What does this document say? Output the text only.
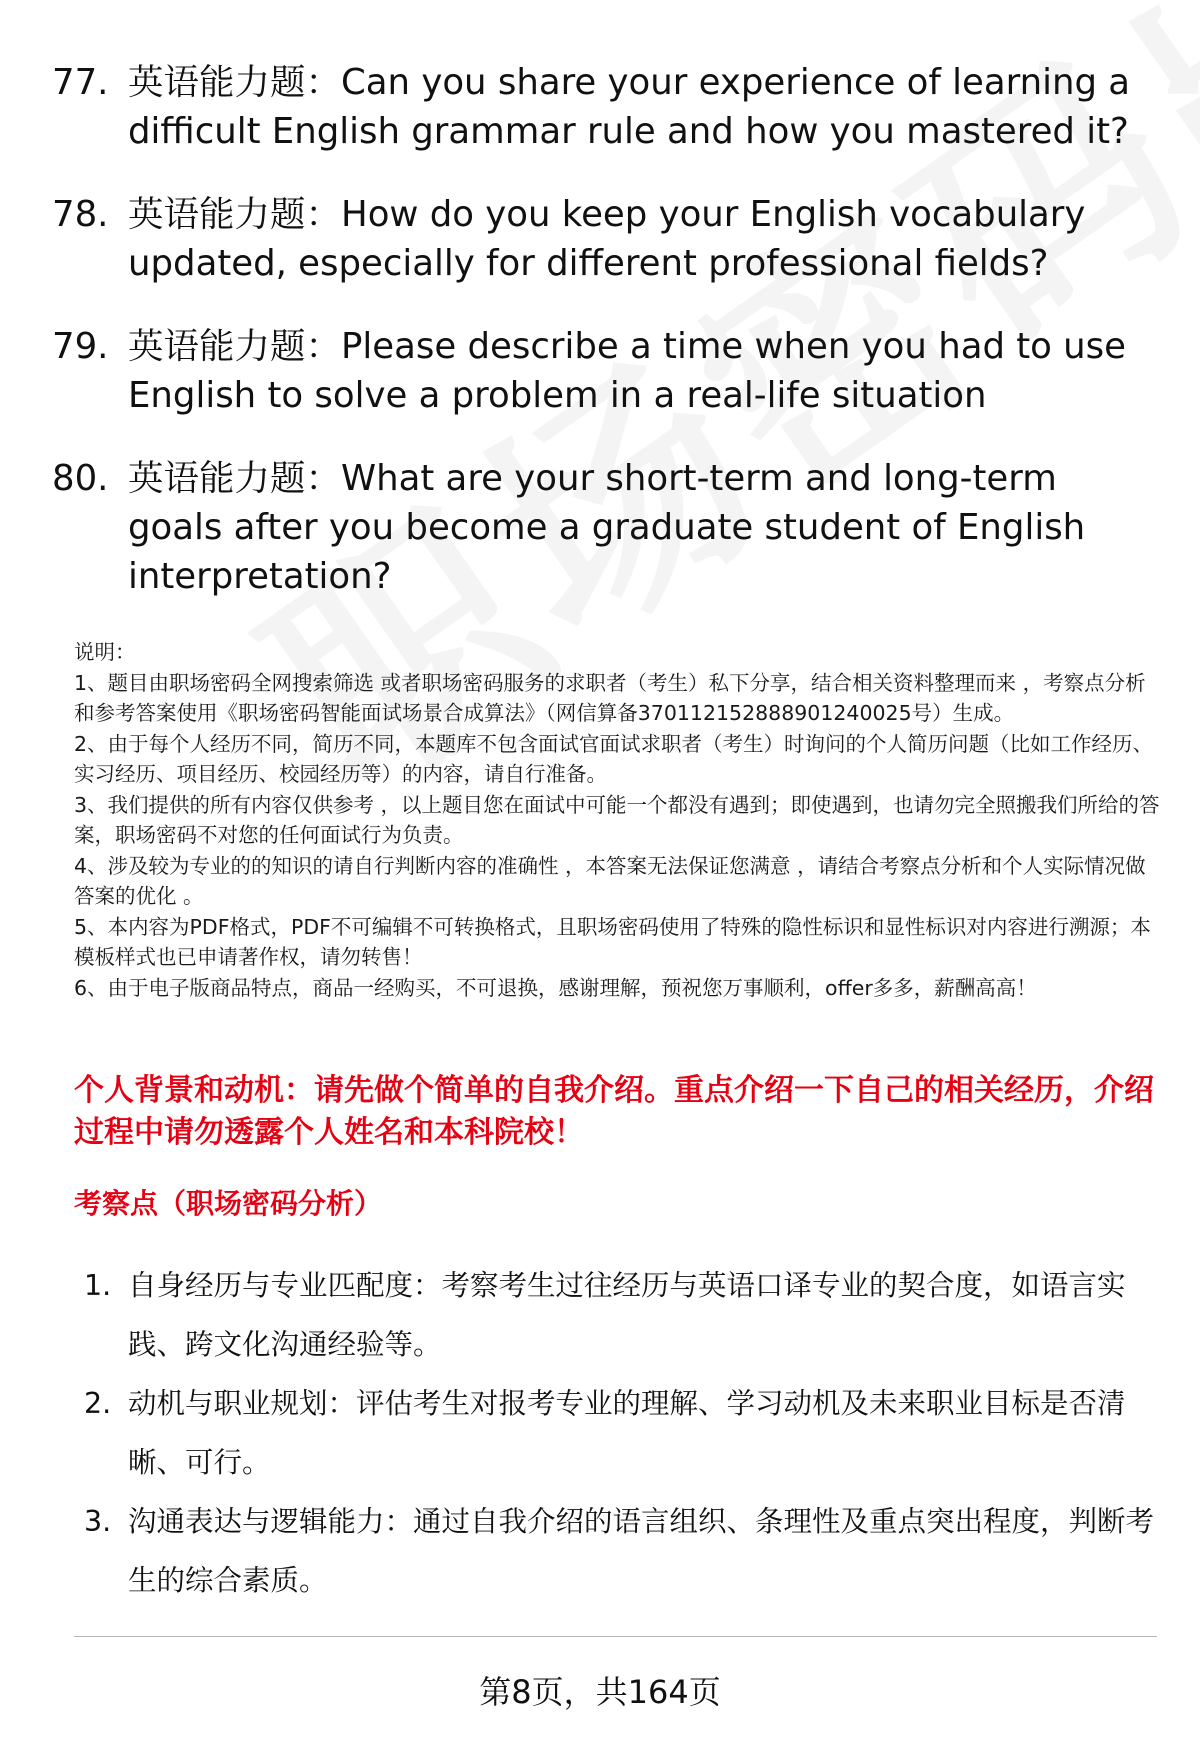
77. 英语能力题：Can you share your experience of learning a difficult English grammar rule and how you mastered it?
78. 英语能力题：How do you keep your English vocabulary updated, especially for different professional fields?
79. 英语能力题：Please describe a time when you had to use English to solve a problem in a real-life situation
80. 英语能力题：What are your short-term and long-term goals after you become a graduate student of English interpretation?

说明：

1、题目由职场密码全网搜索筛选 或者职场密码服务的求职者（考生）私下分享，结合相关资料整理而来 ，考察点分析和参考答案使用《职场密码智能面试场景合成算法》（网信算备370112152888901240025号）生成。

2、由于每个人经历不同，简历不同，本题库不包含面试官面试求职者（考生）时询问的个人简历问题（比如工作经历、实习经历、项目经历、校园经历等）的内容，请自行准备。

3、我们提供的所有内容仅供参考 ，以上题目您在面试中可能一个都没有遇到；即使遇到，也请勿完全照搬我们所给的答案，职场密码不对您的任何面试行为负责。

4、涉及较为专业的的知识的请自行判断内容的准确性 ，本答案无法保证您满意 ，请结合考察点分析和个人实际情况做答案的优化 。

5、本内容为PDF格式，PDF不可编辑不可转换格式，且职场密码使用了特殊的隐性标识和显性标识对内容进行溯源；本模板样式也已申请著作权，请勿转售！

6、由于电子版商品特点，商品一经购买，不可退换，感谢理解，预祝您万事顺利，offer多多，薪酬高高！

个人背景和动机：请先做个简单的自我介绍。重点介绍一下自己的相关经历，介绍过程中请勿透露个人姓名和本科院校！
考察点（职场密码分析）
1. 自身经历与专业匹配度：考察考生过往经历与英语口译专业的契合度，如语言实践、跨文化沟通经验等。
2. 动机与职业规划：评估考生对报考专业的理解、学习动机及未来职业目标是否清晰、可行。
3. 沟通表达与逻辑能力：通过自我介绍的语言组织、条理性及重点突出程度，判断考生的综合素质。
第8页，共164页
